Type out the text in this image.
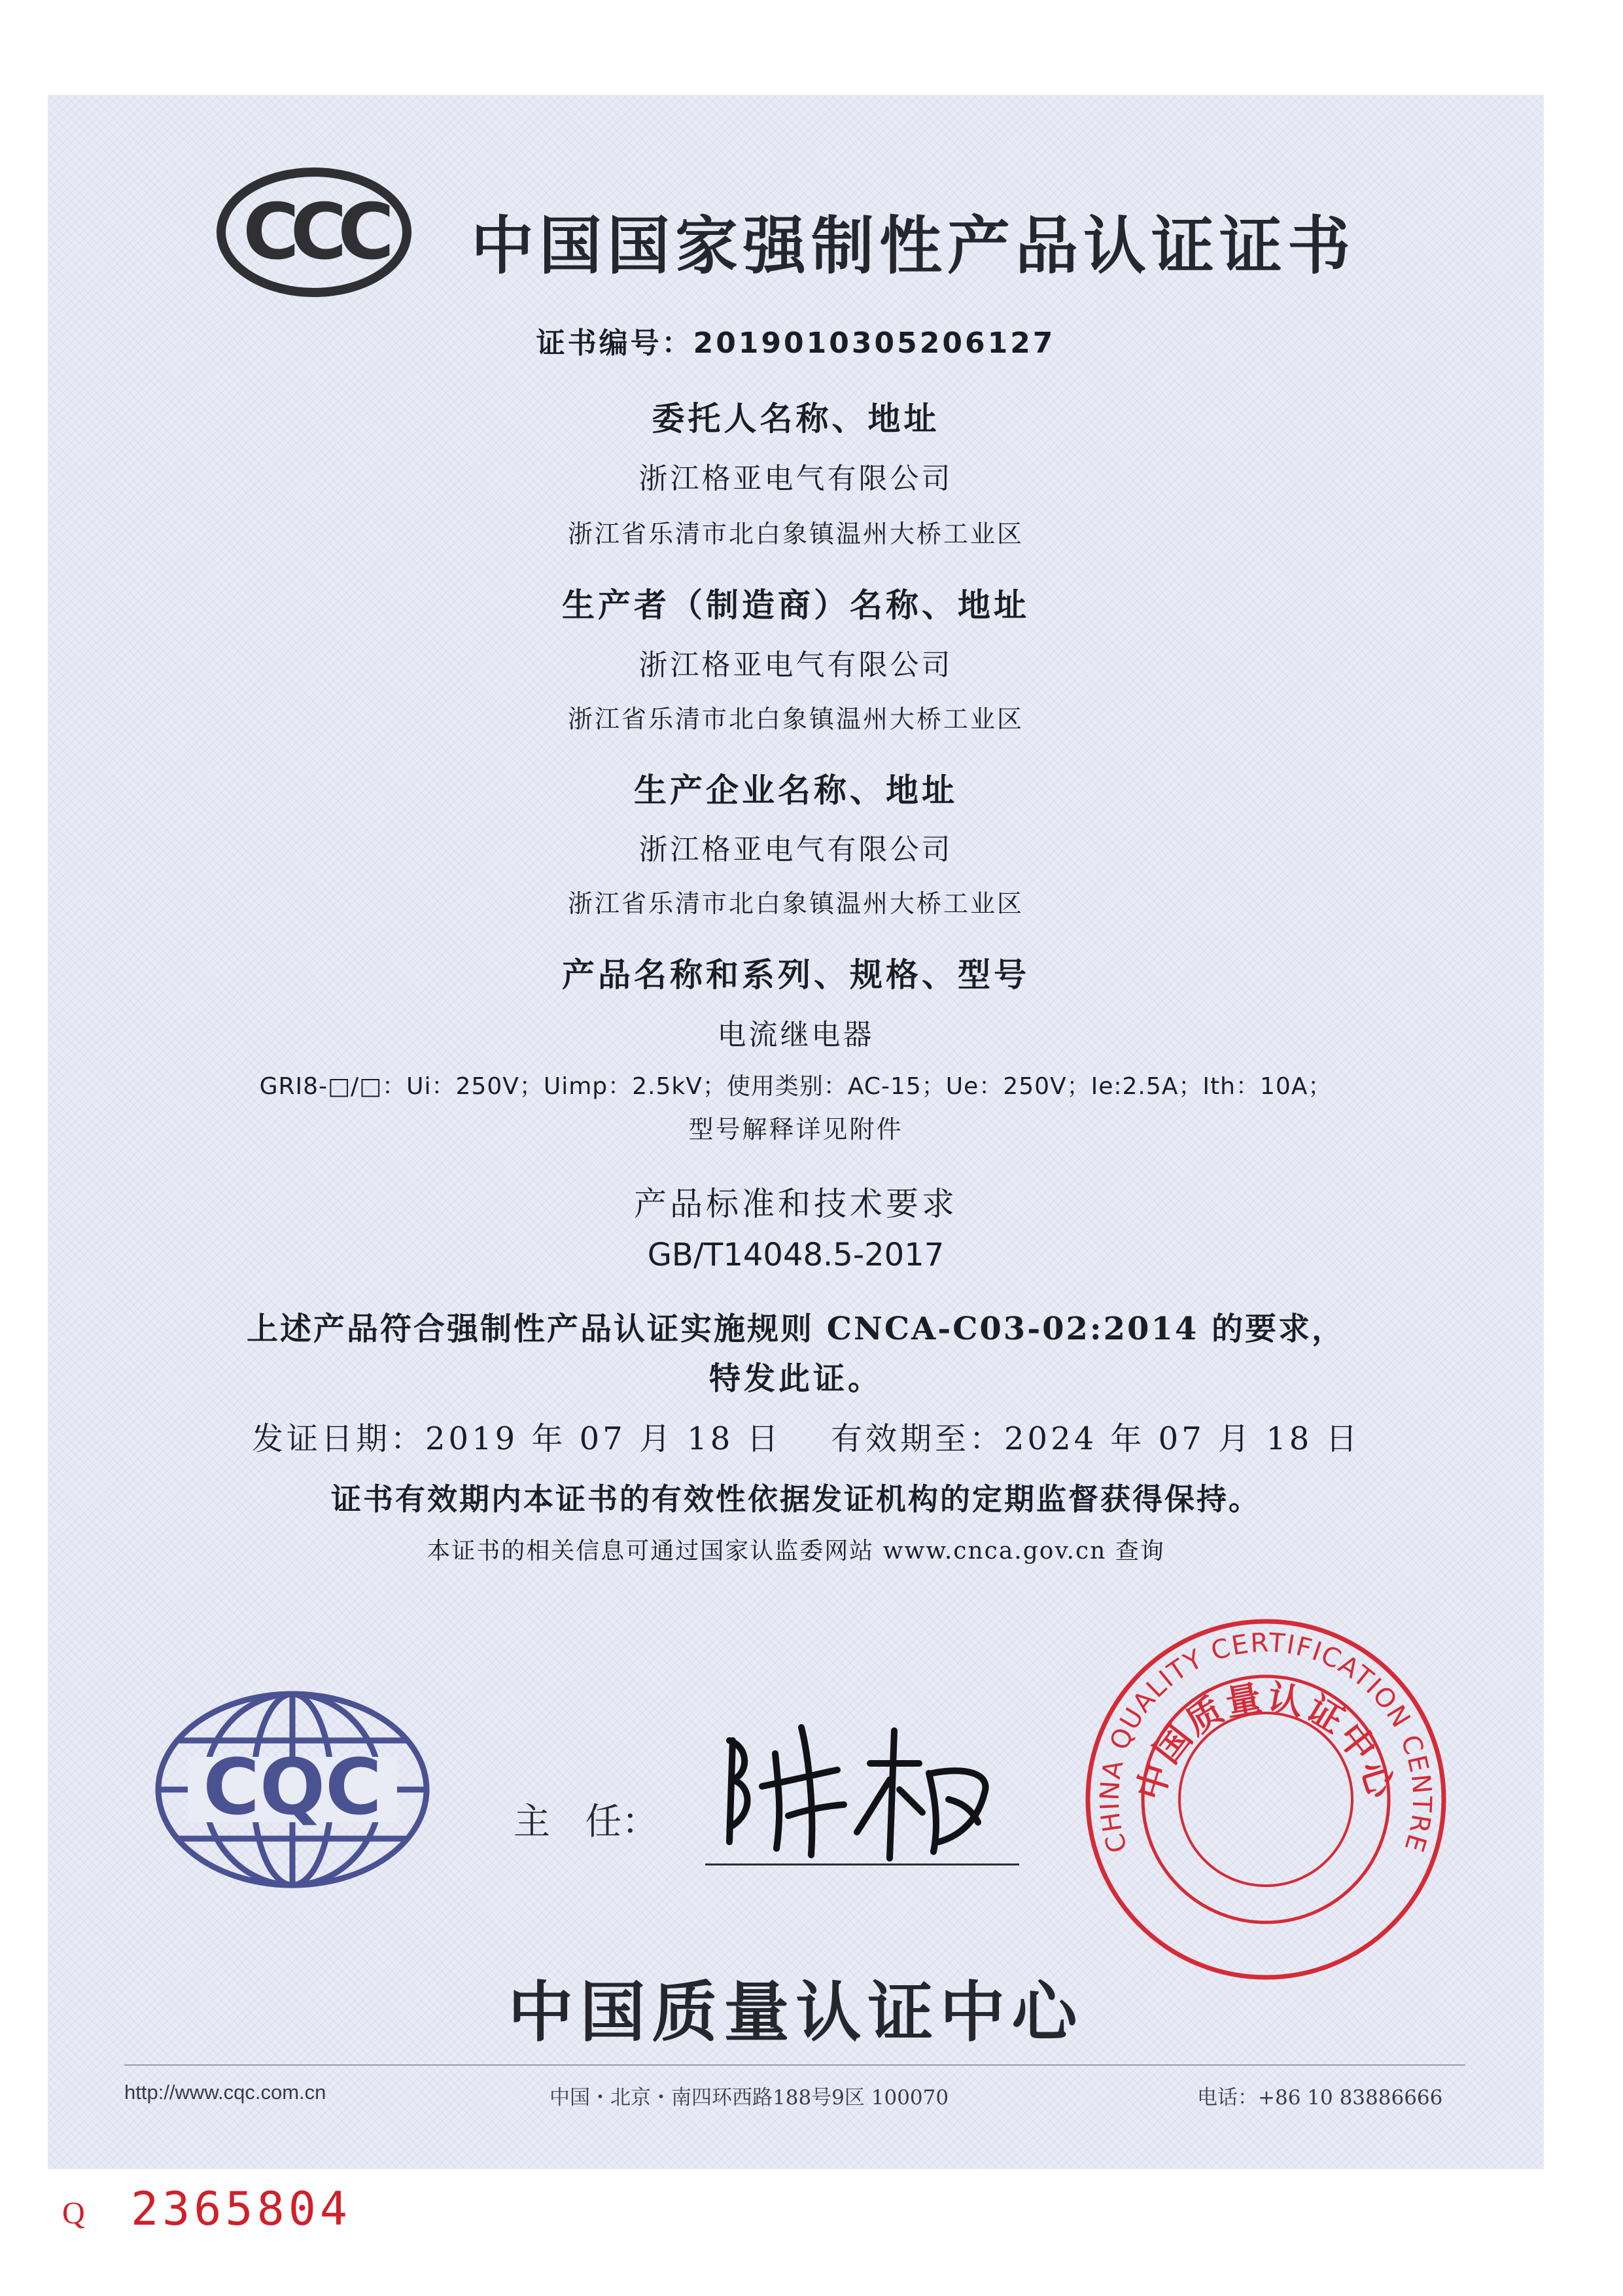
CCC 中国国家强制性产品认证证书
证书编号：2019010305206127
委托人名称、地址
浙江格亚电气有限公司
浙江省乐清市北白象镇温州大桥工业区
生产者（制造商）名称、地址
浙江格亚电气有限公司
浙江省乐清市北白象镇温州大桥工业区
生产企业名称、地址
浙江格亚电气有限公司
浙江省乐清市北白象镇温州大桥工业区
产品名称和系列、规格、型号
电流继电器
GRI8-□/□：Ui：250V；Uimp：2.5kV；使用类别：AC-15；Ue：250V；Ie:2.5A；Ith：10A；
型号解释详见附件
产品标准和技术要求
GB/T14048.5-2017
上述产品符合强制性产品认证实施规则 CNCA-C03-02:2014 的要求，
特发此证。
发证日期：2019 年 07 月 18 日 有效期至：2024 年 07 月 18 日
证书有效期内本证书的有效性依据发证机构的定期监督获得保持。
本证书的相关信息可通过国家认监委网站 www.cnca.gov.cn 查询
CQC	主   任：	CHINA QUALITY CERTIFICATION CENTRE
中国质量认证中心
中国质量认证中心
http://www.cqc.com.cn	中国・北京・南四环西路188号9区 100070	电话：+86 10 83886666
Q 2365804
